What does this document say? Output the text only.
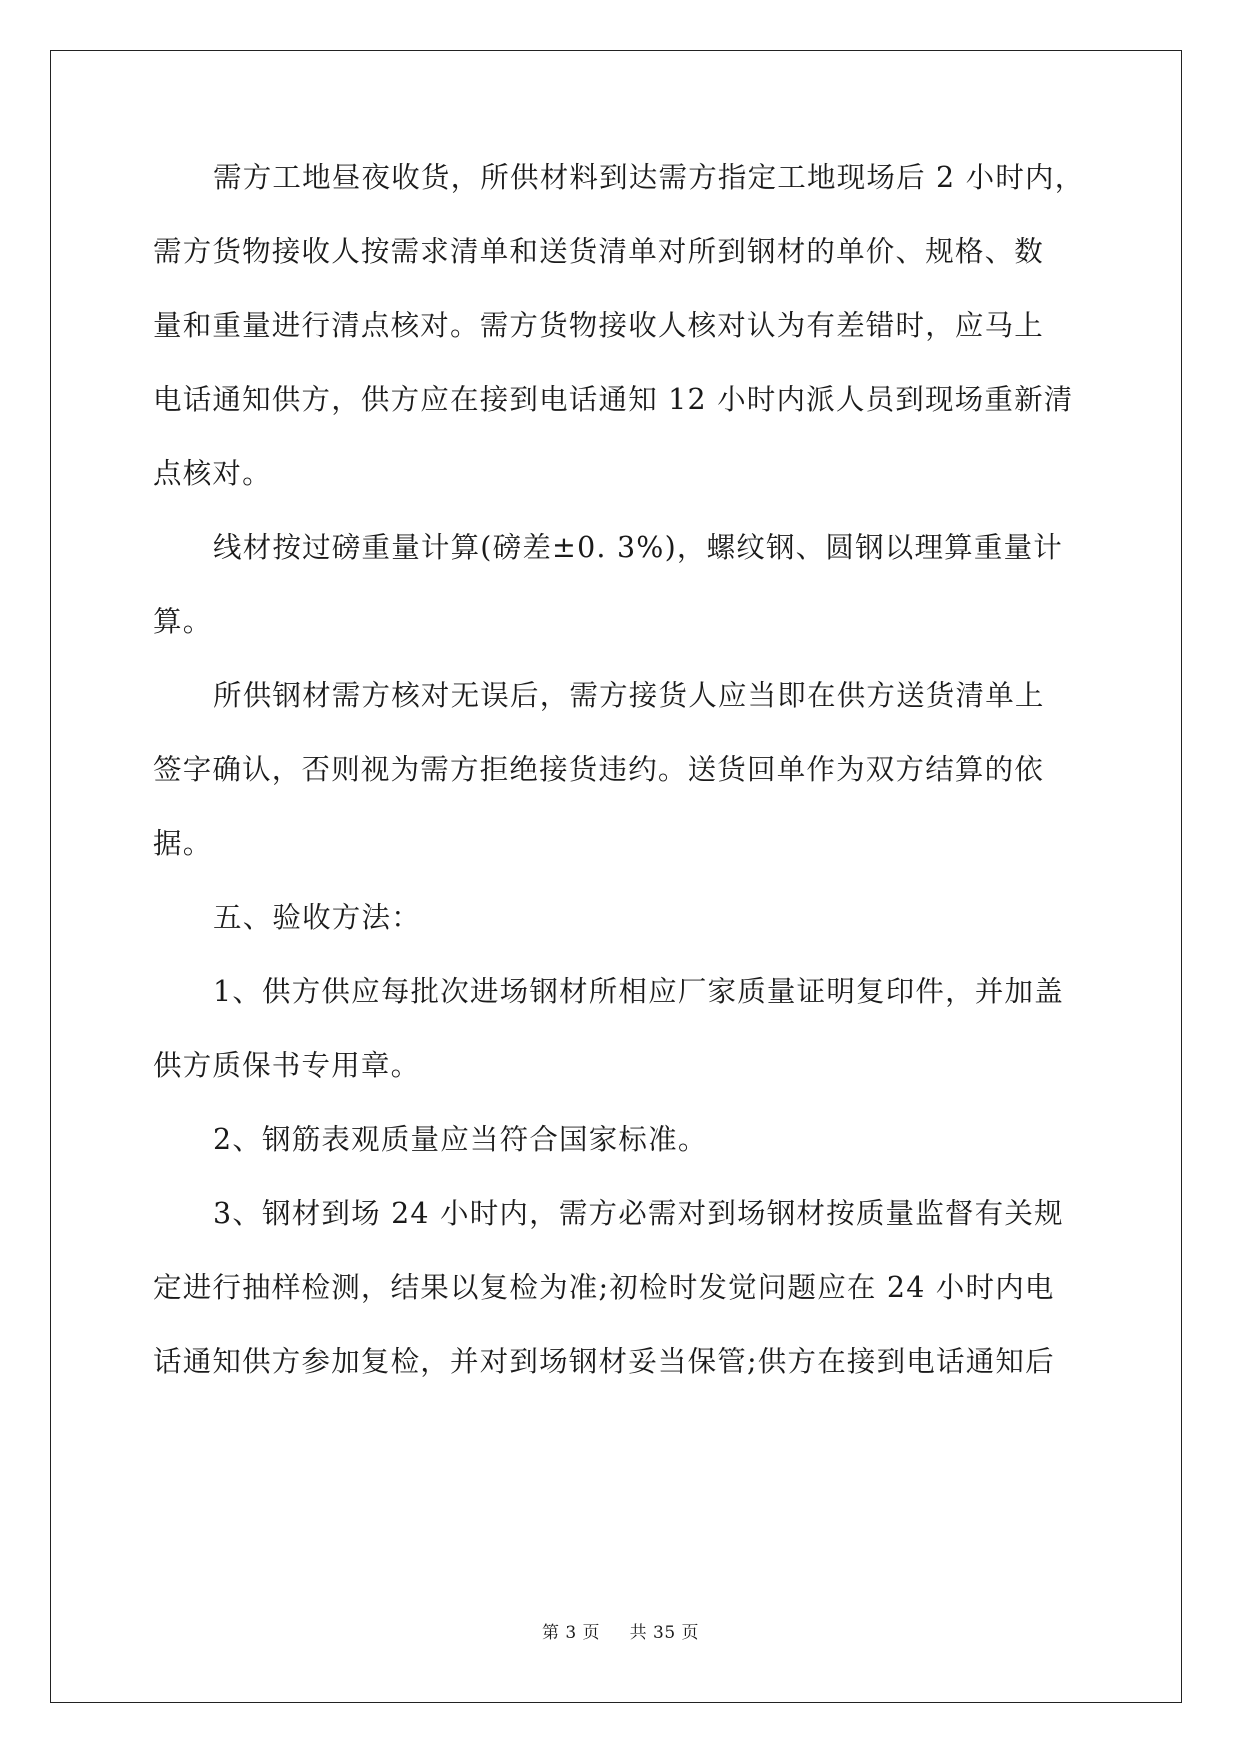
需方工地昼夜收货，所供材料到达需方指定工地现场后 2 小时内，
需方货物接收人按需求清单和送货清单对所到钢材的单价、规格、数
量和重量进行清点核对。需方货物接收人核对认为有差错时，应马上
电话通知供方，供方应在接到电话通知 12 小时内派人员到现场重新清
点核对。
线材按过磅重量计算(磅差±0. 3%)，螺纹钢、圆钢以理算重量计
算。
所供钢材需方核对无误后，需方接货人应当即在供方送货清单上
签字确认，否则视为需方拒绝接货违约。送货回单作为双方结算的依
据。
五、验收方法：
1、供方供应每批次进场钢材所相应厂家质量证明复印件，并加盖
供方质保书专用章。
2、钢筋表观质量应当符合国家标准。
3、钢材到场 24 小时内，需方必需对到场钢材按质量监督有关规
定进行抽样检测，结果以复检为准;初检时发觉问题应在 24 小时内电
话通知供方参加复检，并对到场钢材妥当保管;供方在接到电话通知后
第 3 页 共 35 页
